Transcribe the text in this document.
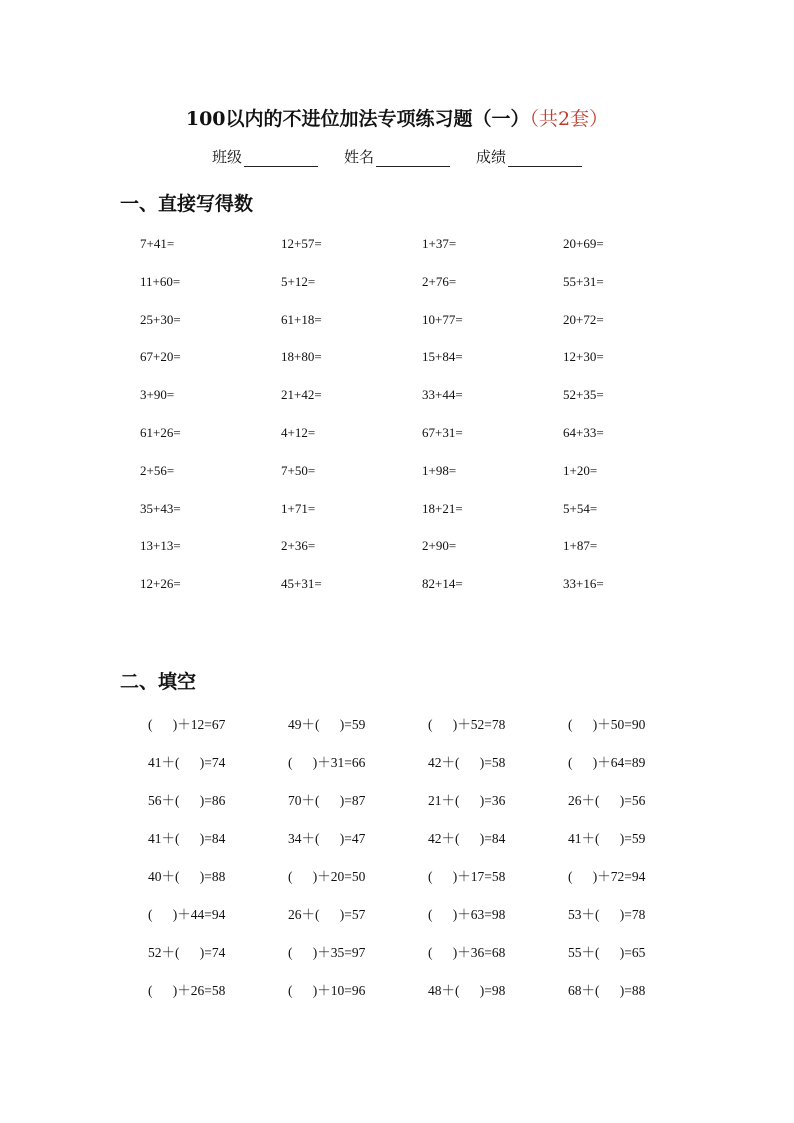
100以内的不进位加法专项练习题（一）（共2套）
班级	姓名	成绩
一、直接写得数
7+41=	12+57=	1+37=	20+69=
11+60=	5+12=	2+76=	55+31=
25+30=	61+18=	10+77=	20+72=
67+20=	18+80=	15+84=	12+30=
3+90=	21+42=	33+44=	52+35=
61+26=	4+12=	67+31=	64+33=
2+56=	7+50=	1+98=	1+20=
35+43=	1+71=	18+21=	5+54=
13+13=	2+36=	2+90=	1+87=
12+26=	45+31=	82+14=	33+16=
二、填空
(      )＋12=67	49＋(      )=59	(      )＋52=78	(      )＋50=90
41＋(      )=74	(      )＋31=66	42＋(      )=58	(      )＋64=89
56＋(      )=86	70＋(      )=87	21＋(      )=36	26＋(      )=56
41＋(      )=84	34＋(      )=47	42＋(      )=84	41＋(      )=59
40＋(      )=88	(      )＋20=50	(      )＋17=58	(      )＋72=94
(      )＋44=94	26＋(      )=57	(      )＋63=98	53＋(      )=78
52＋(      )=74	(      )＋35=97	(      )＋36=68	55＋(      )=65
(      )＋26=58	(      )＋10=96	48＋(      )=98	68＋(      )=88
